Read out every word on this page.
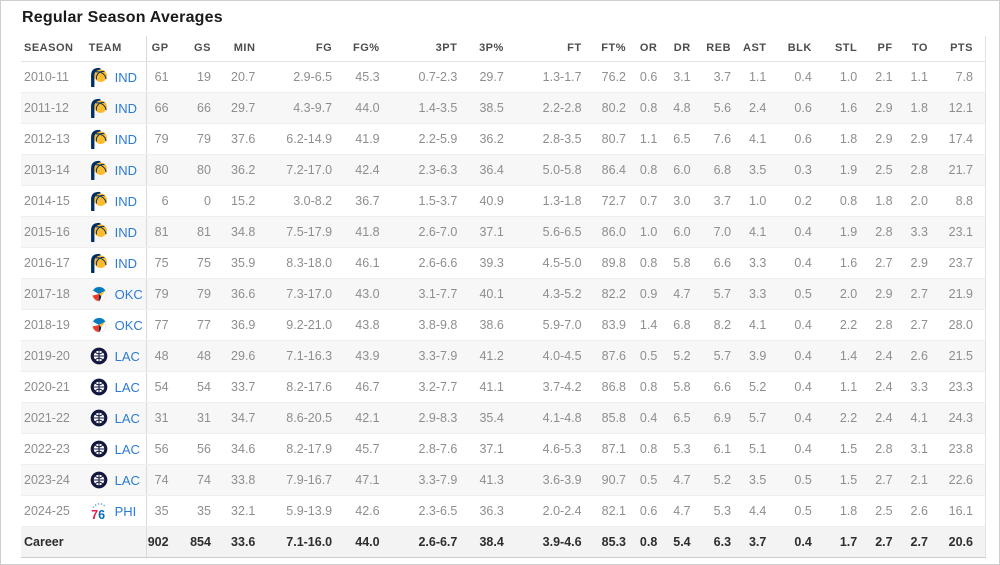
Regular Season Averages
SEASON	TEAM	GP	GS	MIN	FG	FG%	3PT	3P%	FT	FT%	OR	DR	REB	AST	BLK	STL	PF	TO	PTS
2010-11	IND	61	19	20.7	2.9-6.5	45.3	0.7-2.3	29.7	1.3-1.7	76.2	0.6	3.1	3.7	1.1	0.4	1.0	2.1	1.1	7.8
2011-12	IND	66	66	29.7	4.3-9.7	44.0	1.4-3.5	38.5	2.2-2.8	80.2	0.8	4.8	5.6	2.4	0.6	1.6	2.9	1.8	12.1
2012-13	IND	79	79	37.6	6.2-14.9	41.9	2.2-5.9	36.2	2.8-3.5	80.7	1.1	6.5	7.6	4.1	0.6	1.8	2.9	2.9	17.4
2013-14	IND	80	80	36.2	7.2-17.0	42.4	2.3-6.3	36.4	5.0-5.8	86.4	0.8	6.0	6.8	3.5	0.3	1.9	2.5	2.8	21.7
2014-15	IND	6	0	15.2	3.0-8.2	36.7	1.5-3.7	40.9	1.3-1.8	72.7	0.7	3.0	3.7	1.0	0.2	0.8	1.8	2.0	8.8
2015-16	IND	81	81	34.8	7.5-17.9	41.8	2.6-7.0	37.1	5.6-6.5	86.0	1.0	6.0	7.0	4.1	0.4	1.9	2.8	3.3	23.1
2016-17	IND	75	75	35.9	8.3-18.0	46.1	2.6-6.6	39.3	4.5-5.0	89.8	0.8	5.8	6.6	3.3	0.4	1.6	2.7	2.9	23.7
2017-18	OKC	79	79	36.6	7.3-17.0	43.0	3.1-7.7	40.1	4.3-5.2	82.2	0.9	4.7	5.7	3.3	0.5	2.0	2.9	2.7	21.9
2018-19	OKC	77	77	36.9	9.2-21.0	43.8	3.8-9.8	38.6	5.9-7.0	83.9	1.4	6.8	8.2	4.1	0.4	2.2	2.8	2.7	28.0
2019-20	LAC	48	48	29.6	7.1-16.3	43.9	3.3-7.9	41.2	4.0-4.5	87.6	0.5	5.2	5.7	3.9	0.4	1.4	2.4	2.6	21.5
2020-21	LAC	54	54	33.7	8.2-17.6	46.7	3.2-7.7	41.1	3.7-4.2	86.8	0.8	5.8	6.6	5.2	0.4	1.1	2.4	3.3	23.3
2021-22	LAC	31	31	34.7	8.6-20.5	42.1	2.9-8.3	35.4	4.1-4.8	85.8	0.4	6.5	6.9	5.7	0.4	2.2	2.4	4.1	24.3
2022-23	LAC	56	56	34.6	8.2-17.9	45.7	2.8-7.6	37.1	4.6-5.3	87.1	0.8	5.3	6.1	5.1	0.4	1.5	2.8	3.1	23.8
2023-24	LAC	74	74	33.8	7.9-16.7	47.1	3.3-7.9	41.3	3.6-3.9	90.7	0.5	4.7	5.2	3.5	0.5	1.5	2.7	2.1	22.6
2024-25	7 6 PHI	35	35	32.1	5.9-13.9	42.6	2.3-6.5	36.3	2.0-2.4	82.1	0.6	4.7	5.3	4.4	0.5	1.8	2.5	2.6	16.1
Career		902	854	33.6	7.1-16.0	44.0	2.6-6.7	38.4	3.9-4.6	85.3	0.8	5.4	6.3	3.7	0.4	1.7	2.7	2.7	20.6
